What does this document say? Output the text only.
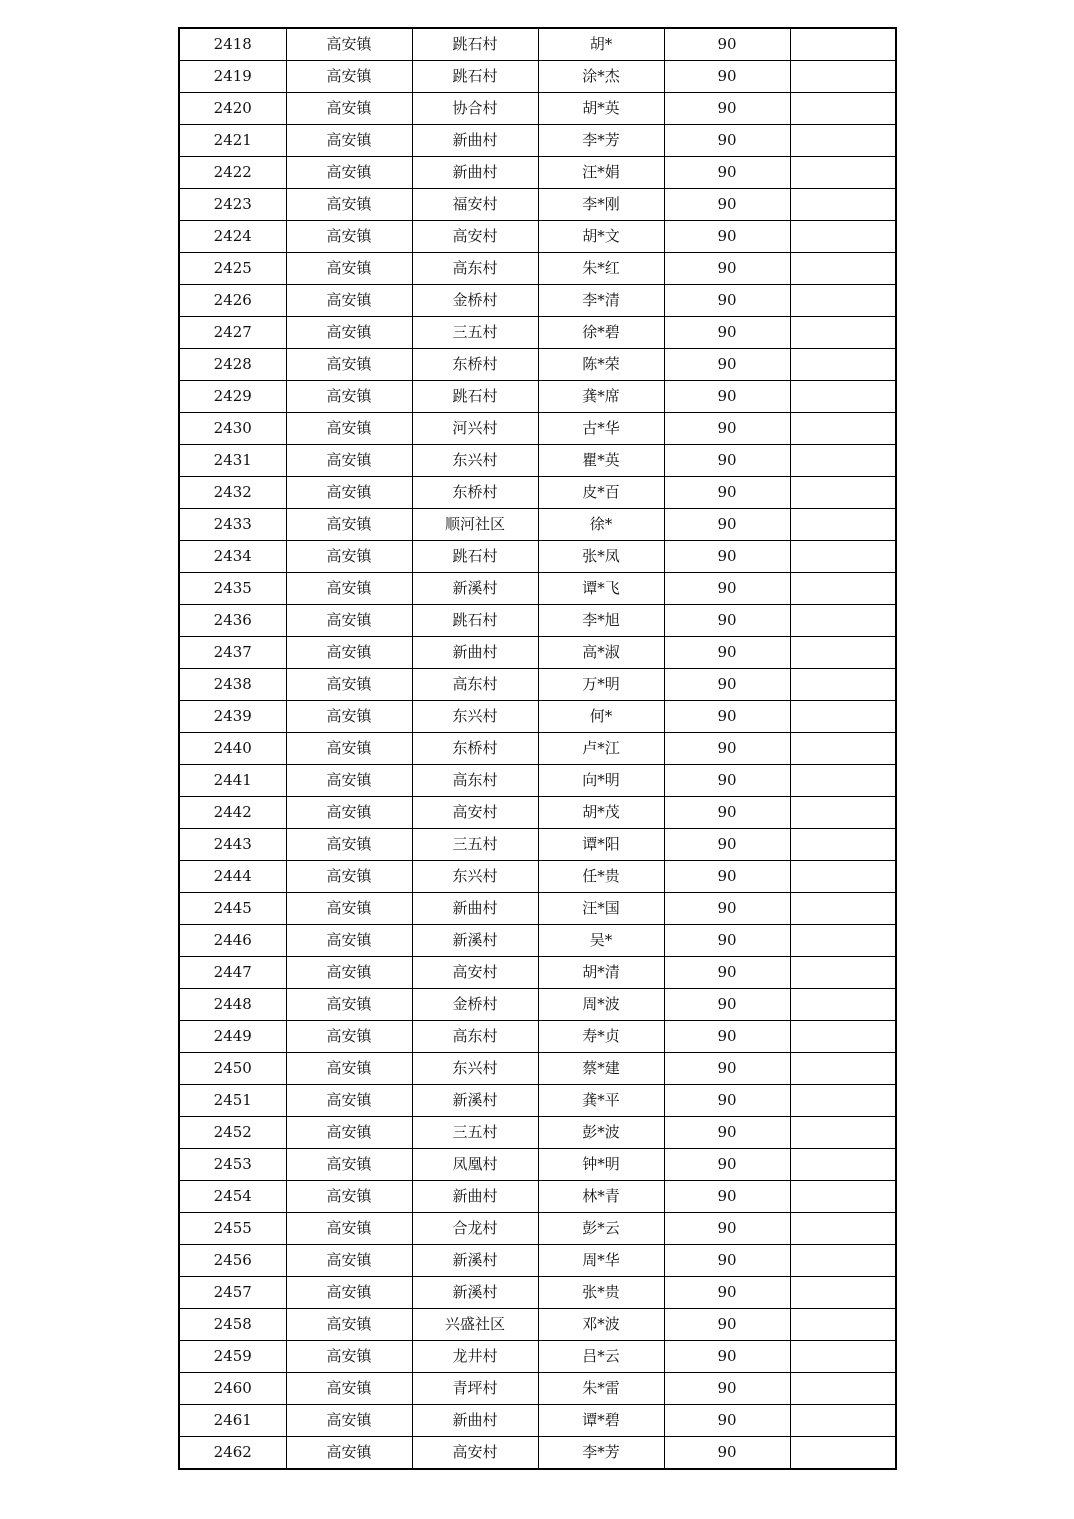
2418	高安镇	跳石村	胡*	90	
2419	高安镇	跳石村	涂*杰	90	
2420	高安镇	协合村	胡*英	90	
2421	高安镇	新曲村	李*芳	90	
2422	高安镇	新曲村	汪*娟	90	
2423	高安镇	福安村	李*刚	90	
2424	高安镇	高安村	胡*文	90	
2425	高安镇	高东村	朱*红	90	
2426	高安镇	金桥村	李*清	90	
2427	高安镇	三五村	徐*碧	90	
2428	高安镇	东桥村	陈*荣	90	
2429	高安镇	跳石村	龚*席	90	
2430	高安镇	河兴村	古*华	90	
2431	高安镇	东兴村	瞿*英	90	
2432	高安镇	东桥村	皮*百	90	
2433	高安镇	顺河社区	徐*	90	
2434	高安镇	跳石村	张*凤	90	
2435	高安镇	新溪村	谭*飞	90	
2436	高安镇	跳石村	李*旭	90	
2437	高安镇	新曲村	高*淑	90	
2438	高安镇	高东村	万*明	90	
2439	高安镇	东兴村	何*	90	
2440	高安镇	东桥村	卢*江	90	
2441	高安镇	高东村	向*明	90	
2442	高安镇	高安村	胡*茂	90	
2443	高安镇	三五村	谭*阳	90	
2444	高安镇	东兴村	任*贵	90	
2445	高安镇	新曲村	汪*国	90	
2446	高安镇	新溪村	吴*	90	
2447	高安镇	高安村	胡*清	90	
2448	高安镇	金桥村	周*波	90	
2449	高安镇	高东村	寿*贞	90	
2450	高安镇	东兴村	蔡*建	90	
2451	高安镇	新溪村	龚*平	90	
2452	高安镇	三五村	彭*波	90	
2453	高安镇	凤凰村	钟*明	90	
2454	高安镇	新曲村	林*青	90	
2455	高安镇	合龙村	彭*云	90	
2456	高安镇	新溪村	周*华	90	
2457	高安镇	新溪村	张*贵	90	
2458	高安镇	兴盛社区	邓*波	90	
2459	高安镇	龙井村	吕*云	90	
2460	高安镇	青坪村	朱*雷	90	
2461	高安镇	新曲村	谭*碧	90	
2462	高安镇	高安村	李*芳	90	
